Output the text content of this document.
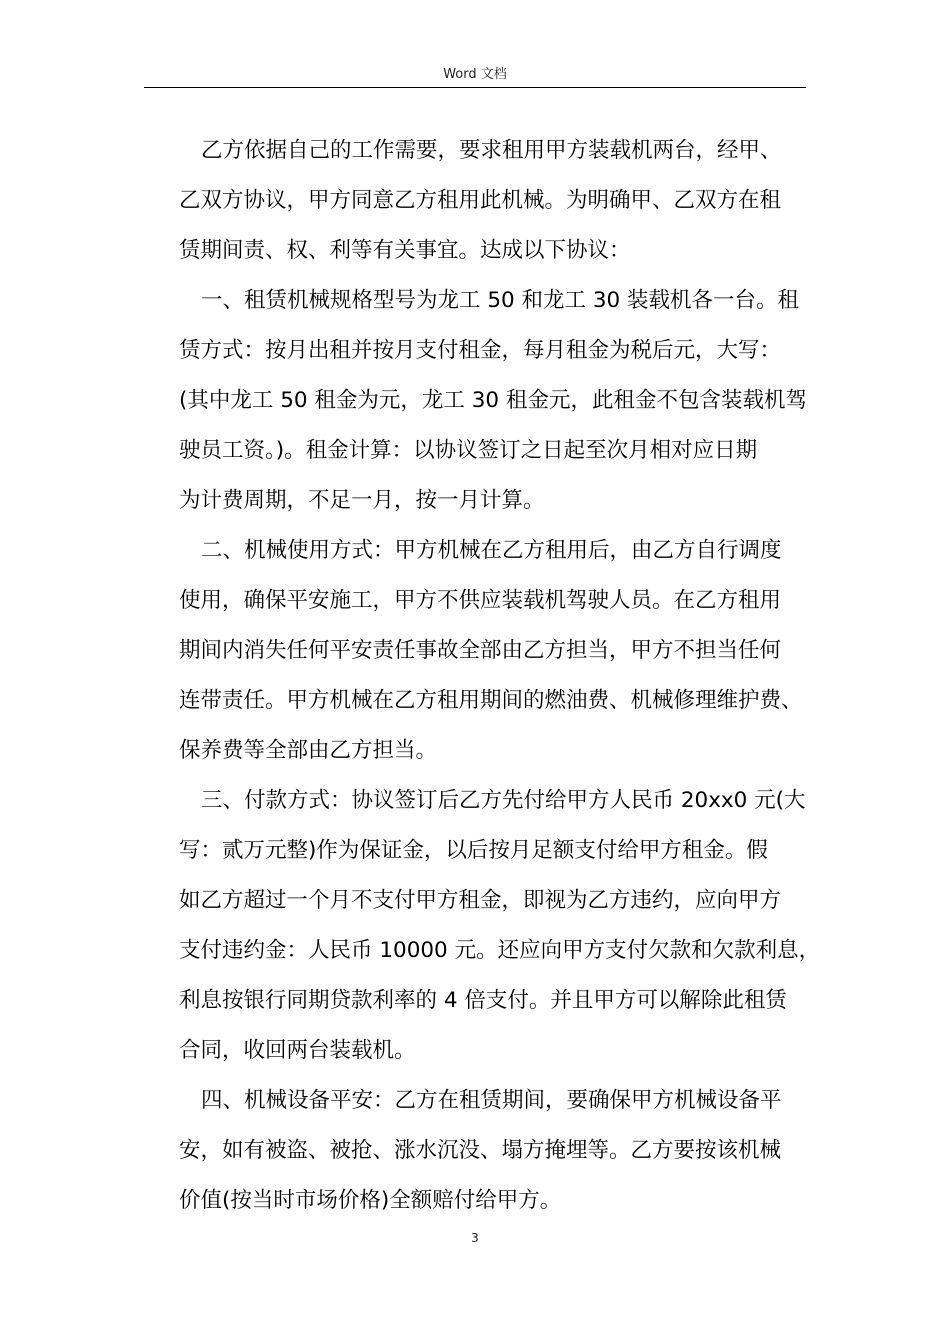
Word 文档
乙方依据自己的工作需要，要求租用甲方装载机两台，经甲、
乙双方协议，甲方同意乙方租用此机械。为明确甲、乙双方在租
赁期间责、权、利等有关事宜。达成以下协议：
一、租赁机械规格型号为龙工 50 和龙工 30 装载机各一台。租
赁方式：按月出租并按月支付租金，每月租金为税后元，大写：
(其中龙工 50 租金为元，龙工 30 租金元，此租金不包含装载机驾
驶员工资。)。租金计算：以协议签订之日起至次月相对应日期
为计费周期，不足一月，按一月计算。
二、机械使用方式：甲方机械在乙方租用后，由乙方自行调度
使用，确保平安施工，甲方不供应装载机驾驶人员。在乙方租用
期间内消失任何平安责任事故全部由乙方担当，甲方不担当任何
连带责任。甲方机械在乙方租用期间的燃油费、机械修理维护费、
保养费等全部由乙方担当。
三、付款方式：协议签订后乙方先付给甲方人民币 20xx0 元(大
写：贰万元整)作为保证金，以后按月足额支付给甲方租金。假
如乙方超过一个月不支付甲方租金，即视为乙方违约，应向甲方
支付违约金：人民币 10000 元。还应向甲方支付欠款和欠款利息，
利息按银行同期贷款利率的 4 倍支付。并且甲方可以解除此租赁
合同，收回两台装载机。
四、机械设备平安：乙方在租赁期间，要确保甲方机械设备平
安，如有被盗、被抢、涨水沉没、塌方掩埋等。乙方要按该机械
价值(按当时市场价格)全额赔付给甲方。
3
